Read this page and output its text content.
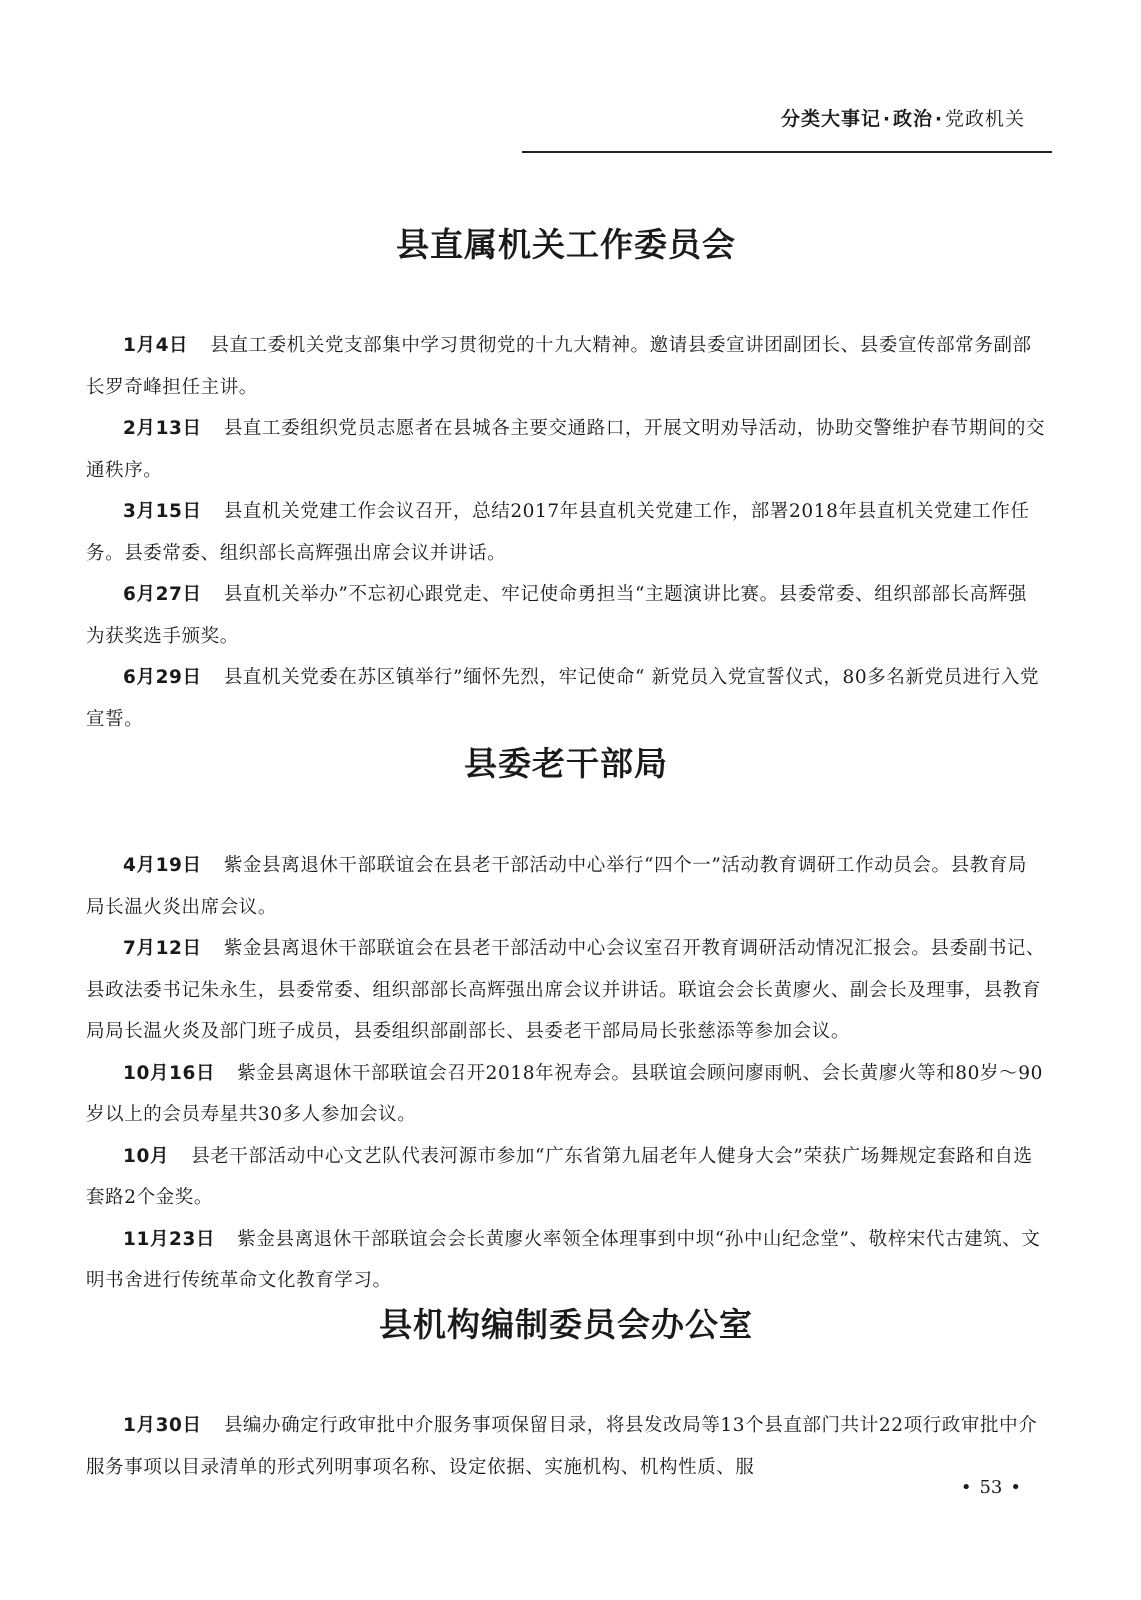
分类大事记·政治·党政机关
县直属机关工作委员会

1月4日 县直工委机关党支部集中学习贯彻党的十九大精神。邀请县委宣讲团副团长、县委宣传部常务副部长罗奇峰担任主讲。

2月13日 县直工委组织党员志愿者在县城各主要交通路口，开展文明劝导活动，协助交警维护春节期间的交通秩序。

3月15日 县直机关党建工作会议召开，总结2017年县直机关党建工作，部署2018年县直机关党建工作任务。县委常委、组织部长高辉强出席会议并讲话。

6月27日 县直机关举办”不忘初心跟党走、牢记使命勇担当“主题演讲比赛。县委常委、组织部部长高辉强为获奖选手颁奖。

6月29日 县直机关党委在苏区镇举行”缅怀先烈，牢记使命“ 新党员入党宣誓仪式，80多名新党员进行入党宣誓。

县委老干部局

4月19日 紫金县离退休干部联谊会在县老干部活动中心举行“四个一”活动教育调研工作动员会。县教育局局长温火炎出席会议。

7月12日 紫金县离退休干部联谊会在县老干部活动中心会议室召开教育调研活动情况汇报会。县委副书记、县政法委书记朱永生，县委常委、组织部部长高辉强出席会议并讲话。联谊会会长黄廖火、副会长及理事，县教育局局长温火炎及部门班子成员，县委组织部副部长、县委老干部局局长张慈添等参加会议。

10月16日 紫金县离退休干部联谊会召开2018年祝寿会。县联谊会顾问廖雨帆、会长黄廖火等和80岁～90岁以上的会员寿星共30多人参加会议。

10月 县老干部活动中心文艺队代表河源市参加“广东省第九届老年人健身大会”荣获广场舞规定套路和自选套路2个金奖。

11月23日 紫金县离退休干部联谊会会长黄廖火率领全体理事到中坝“孙中山纪念堂”、敬梓宋代古建筑、文明书舍进行传统革命文化教育学习。

县机构编制委员会办公室

1月30日 县编办确定行政审批中介服务事项保留目录，将县发改局等13个县直部门共计22项行政审批中介服务事项以目录清单的形式列明事项名称、设定依据、实施机构、机构性质、服

• 53 •
